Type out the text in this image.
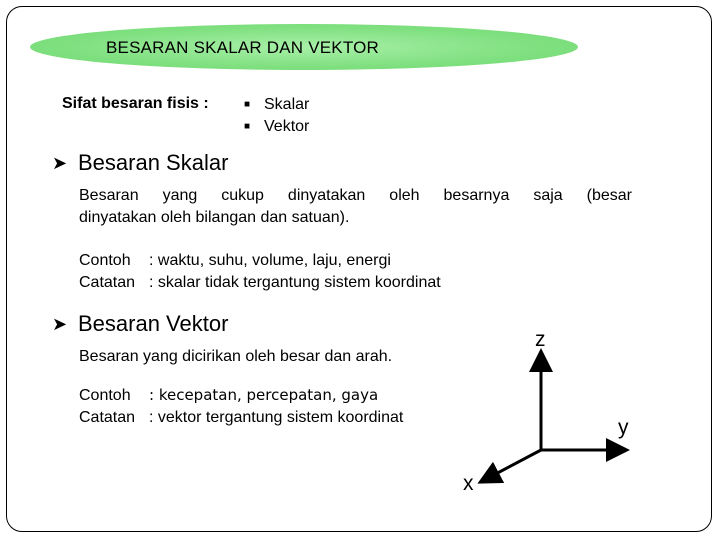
BESARAN SKALAR DAN VEKTOR
Sifat besaran fisis :	■ Skalar
■ Vektor
➤ Besaran Skalar
Besaran yang cukup dinyatakan oleh besarnya saja (besar
dinyatakan oleh bilangan dan satuan).
Contoh : waktu, suhu, volume, laju, energi
Catatan : skalar tidak tergantung sistem koordinat
➤ Besaran Vektor
Besaran yang dicirikan oleh besar dan arah.
Contoh : kecepatan, percepatan, gaya
Catatan : vektor tergantung sistem koordinat
z
y
x
